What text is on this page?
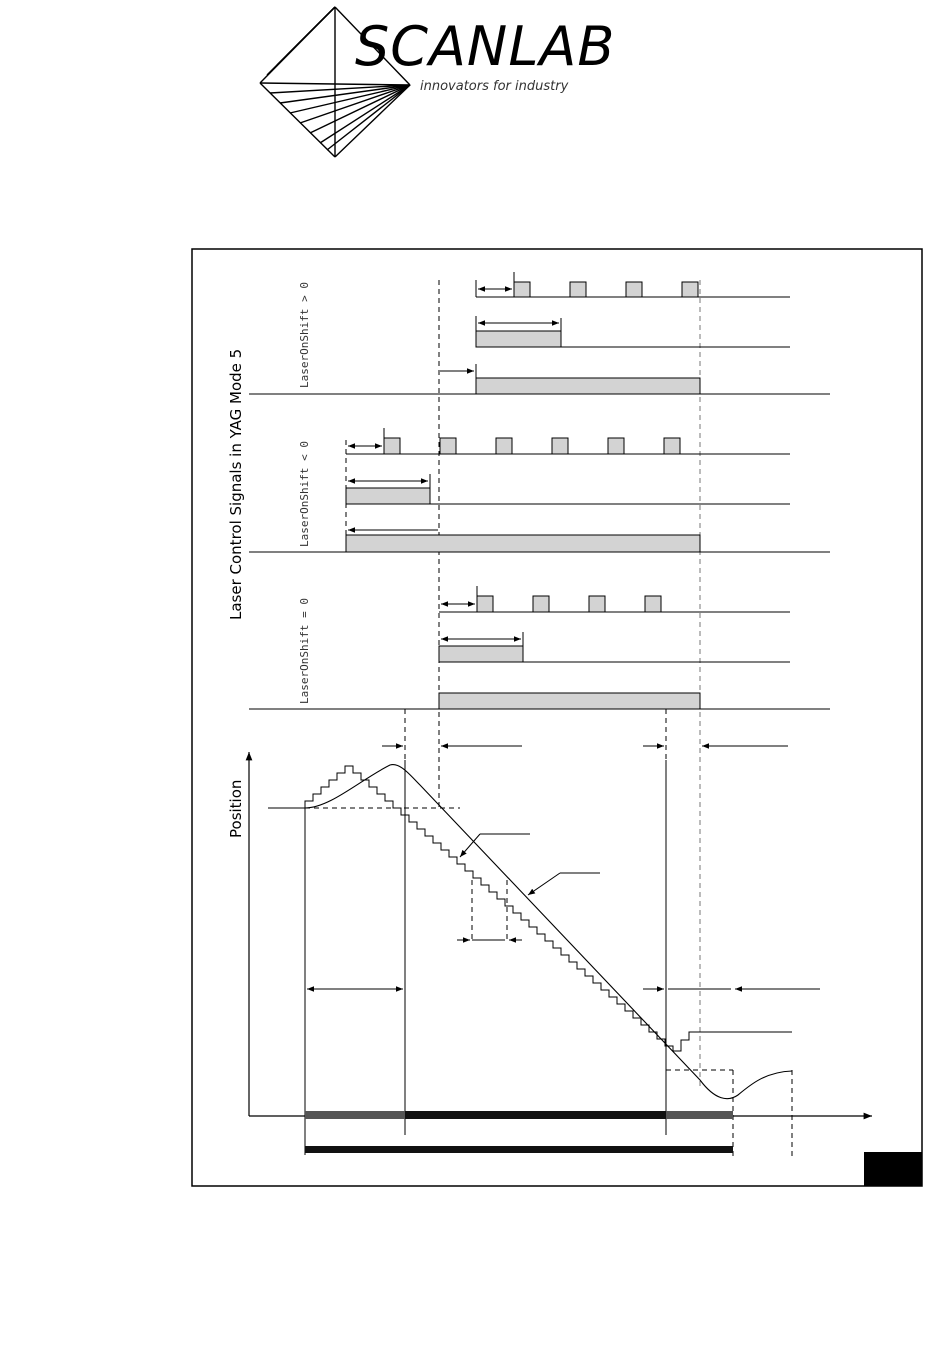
SCANLAB
innovators for industry
Laser Control Signals in YAG Mode 5
Position
LaserOnShift > 0
LaserOnShift < 0
LaserOnShift = 0
